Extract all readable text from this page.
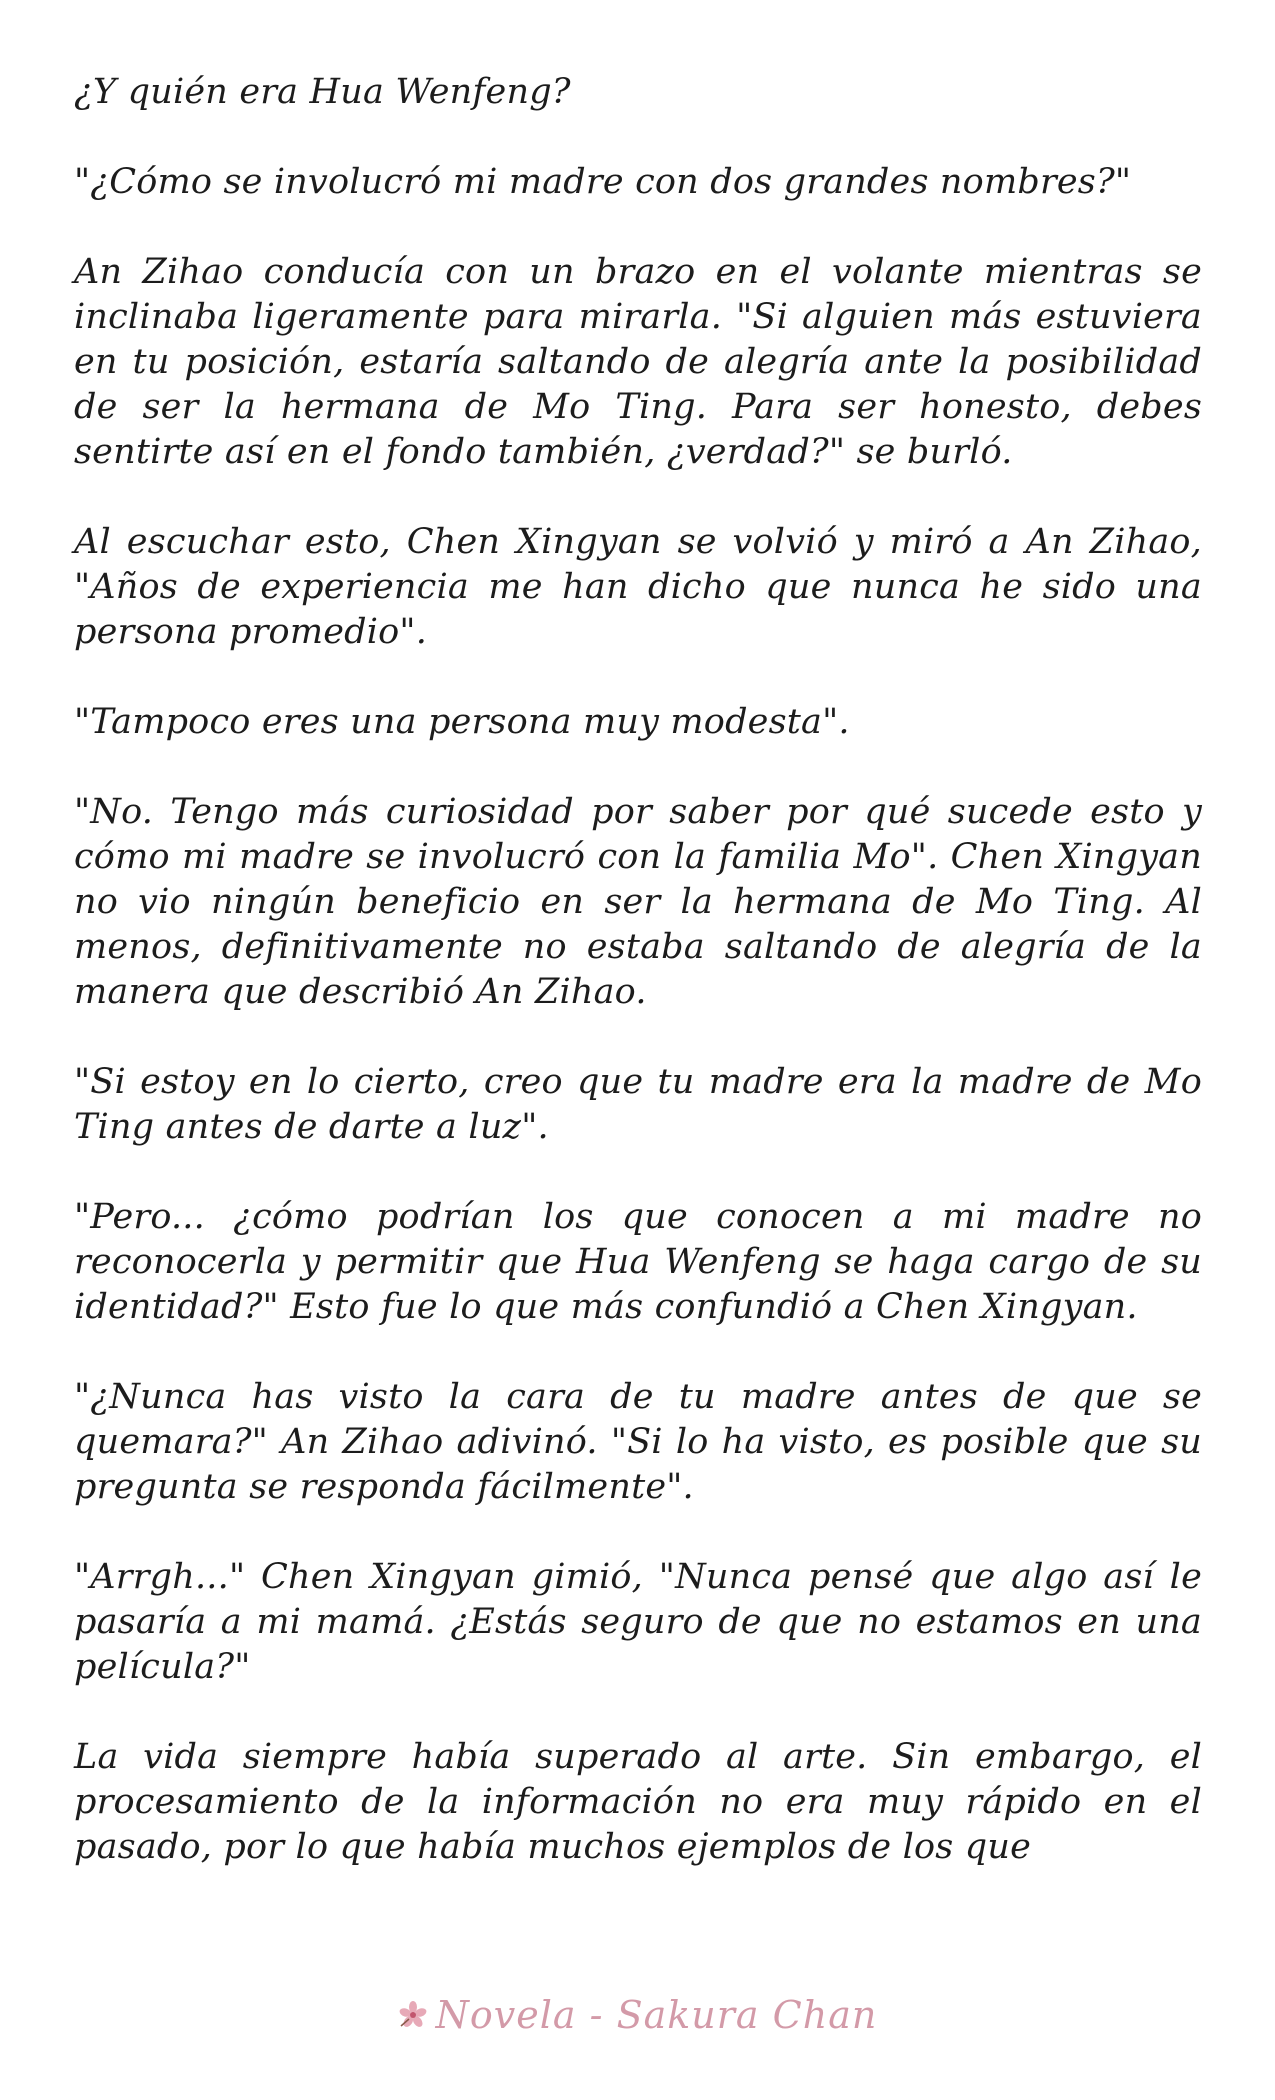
¿Y quién era Hua Wenfeng?

"¿Cómo se involucró mi madre con dos grandes nombres?"

An Zihao conducía con un brazo en el volante mientras se inclinaba ligeramente para mirarla. "Si alguien más estuviera en tu posición, estaría saltando de alegría ante la posibilidad de ser la hermana de Mo Ting. Para ser honesto, debes sentirte así en el fondo también, ¿verdad?" se burló.

Al escuchar esto, Chen Xingyan se volvió y miró a An Zihao, "Años de experiencia me han dicho que nunca he sido una persona promedio".

"Tampoco eres una persona muy modesta".

"No. Tengo más curiosidad por saber por qué sucede esto y cómo mi madre se involucró con la familia Mo". Chen Xingyan no vio ningún beneficio en ser la hermana de Mo Ting. Al menos, definitivamente no estaba saltando de alegría de la manera que describió An Zihao.

"Si estoy en lo cierto, creo que tu madre era la madre de Mo Ting antes de darte a luz".

"Pero... ¿cómo podrían los que conocen a mi madre no reconocerla y permitir que Hua Wenfeng se haga cargo de su identidad?" Esto fue lo que más confundió a Chen Xingyan.

"¿Nunca has visto la cara de tu madre antes de que se quemara?" An Zihao adivinó. "Si lo ha visto, es posible que su pregunta se responda fácilmente".

"Arrgh..." Chen Xingyan gimió, "Nunca pensé que algo así le pasaría a mi mamá. ¿Estás seguro de que no estamos en una película?"

La vida siempre había superado al arte. Sin embargo, el procesamiento de la información no era muy rápido en el pasado, por lo que había muchos ejemplos de los que

Novela - Sakura Chan
